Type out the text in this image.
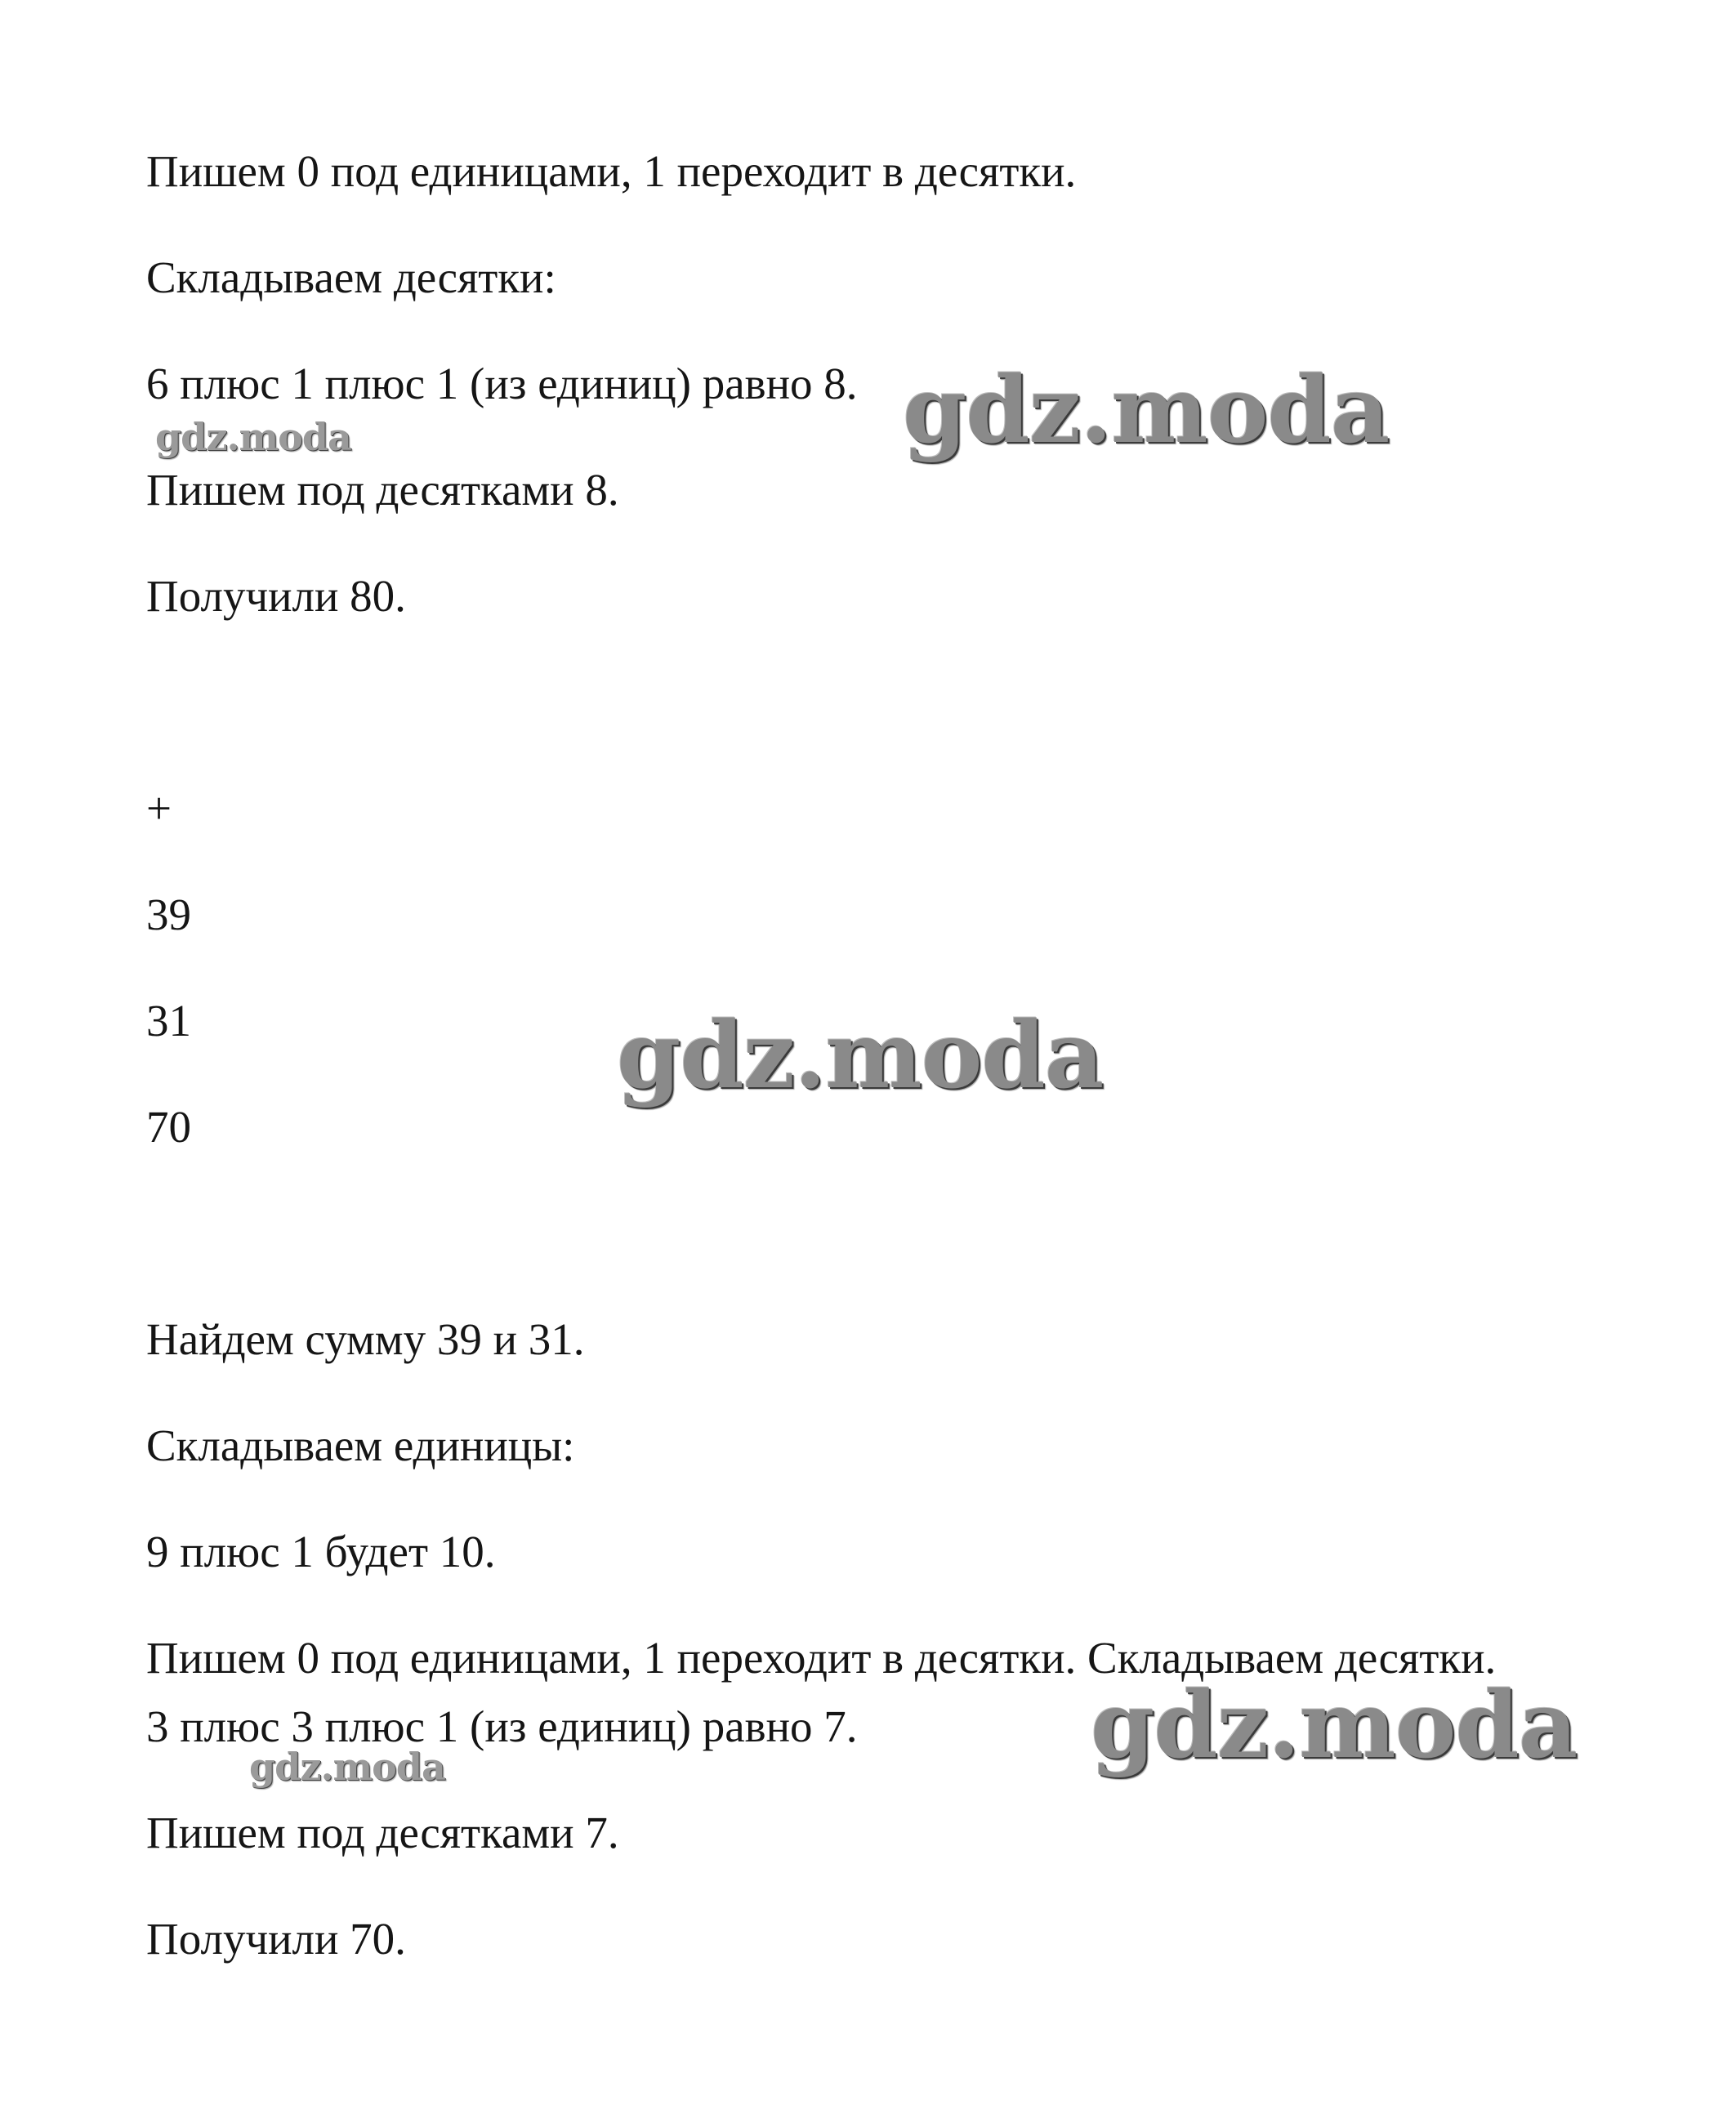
Пишем 0 под единицами, 1 переходит в десятки.
Складываем десятки:
6 плюс 1 плюс 1 (из единиц) равно 8.
Пишем под десятками 8.
Получили 80.
+
39
31
70
Найдем сумму 39 и 31.
Складываем единицы:
9 плюс 1 будет 10.
Пишем 0 под единицами, 1 переходит в десятки. Складываем десятки.
3 плюс 3 плюс 1 (из единиц) равно 7.
Пишем под десятками 7.
Получили 70.
gdz.moda
gdz.moda
gdz.moda
gdz.moda
gdz.moda
